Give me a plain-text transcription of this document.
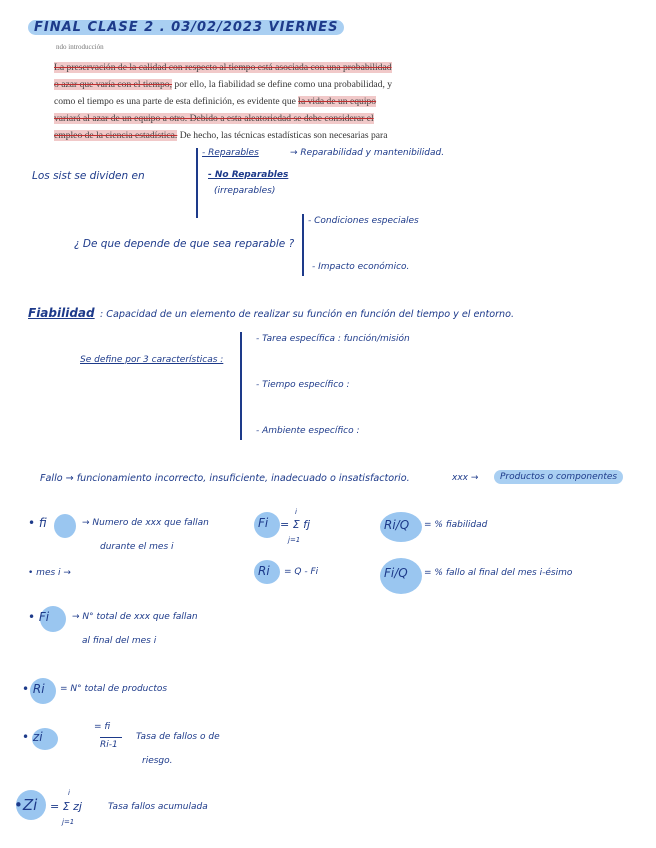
FINAL CLASE 2 . 03/02/2023 VIERNES
ndo introducción
La preservación de la calidad con respecto al tiempo está asociada con una probabilidad
o azar que varía con el tiempo, por ello, la fiabilidad se define como una probabilidad, y
como el tiempo es una parte de esta definición, es evidente que la vida de un equipo
variará al azar de un equipo a otro. Debido a esta aleatoriedad se debe considerar el
empleo de la ciencia estadística. De hecho, las técnicas estadísticas son necesarias para
Los sist se dividen en
- Reparables	→ Reparabilidad y mantenibilidad.
- No Reparables
(irreparables)
¿ De que depende de que sea reparable ?
- Condiciones especiales
- Impacto económico.
Fiabilidad : Capacidad de un elemento de realizar su función en función del tiempo y el entorno.
Se define por 3 características :
- Tarea específica : función/misión
- Tiempo específico :
- Ambiente específico :
Fallo → funcionamiento incorrecto, insuficiente, inadecuado o insatisfactorio.	xxx →	Productos o componentes
• fi	→ Numero de xxx que fallan
durante el mes i
• mes i →
• Fi	→ N° total de xxx que fallan
al final del mes i
• Ri = N° total de productos
• zi
= fi
Ri-1
Tasa de fallos o de
riesgo.
•Zi
i
= Σ zj
j=1
Tasa fallos acumulada
Fi
i
= Σ fj
j=1
Ri = Q - Fi
Ri/Q = % fiabilidad
Fi/Q = % fallo al final del mes i-ésimo
